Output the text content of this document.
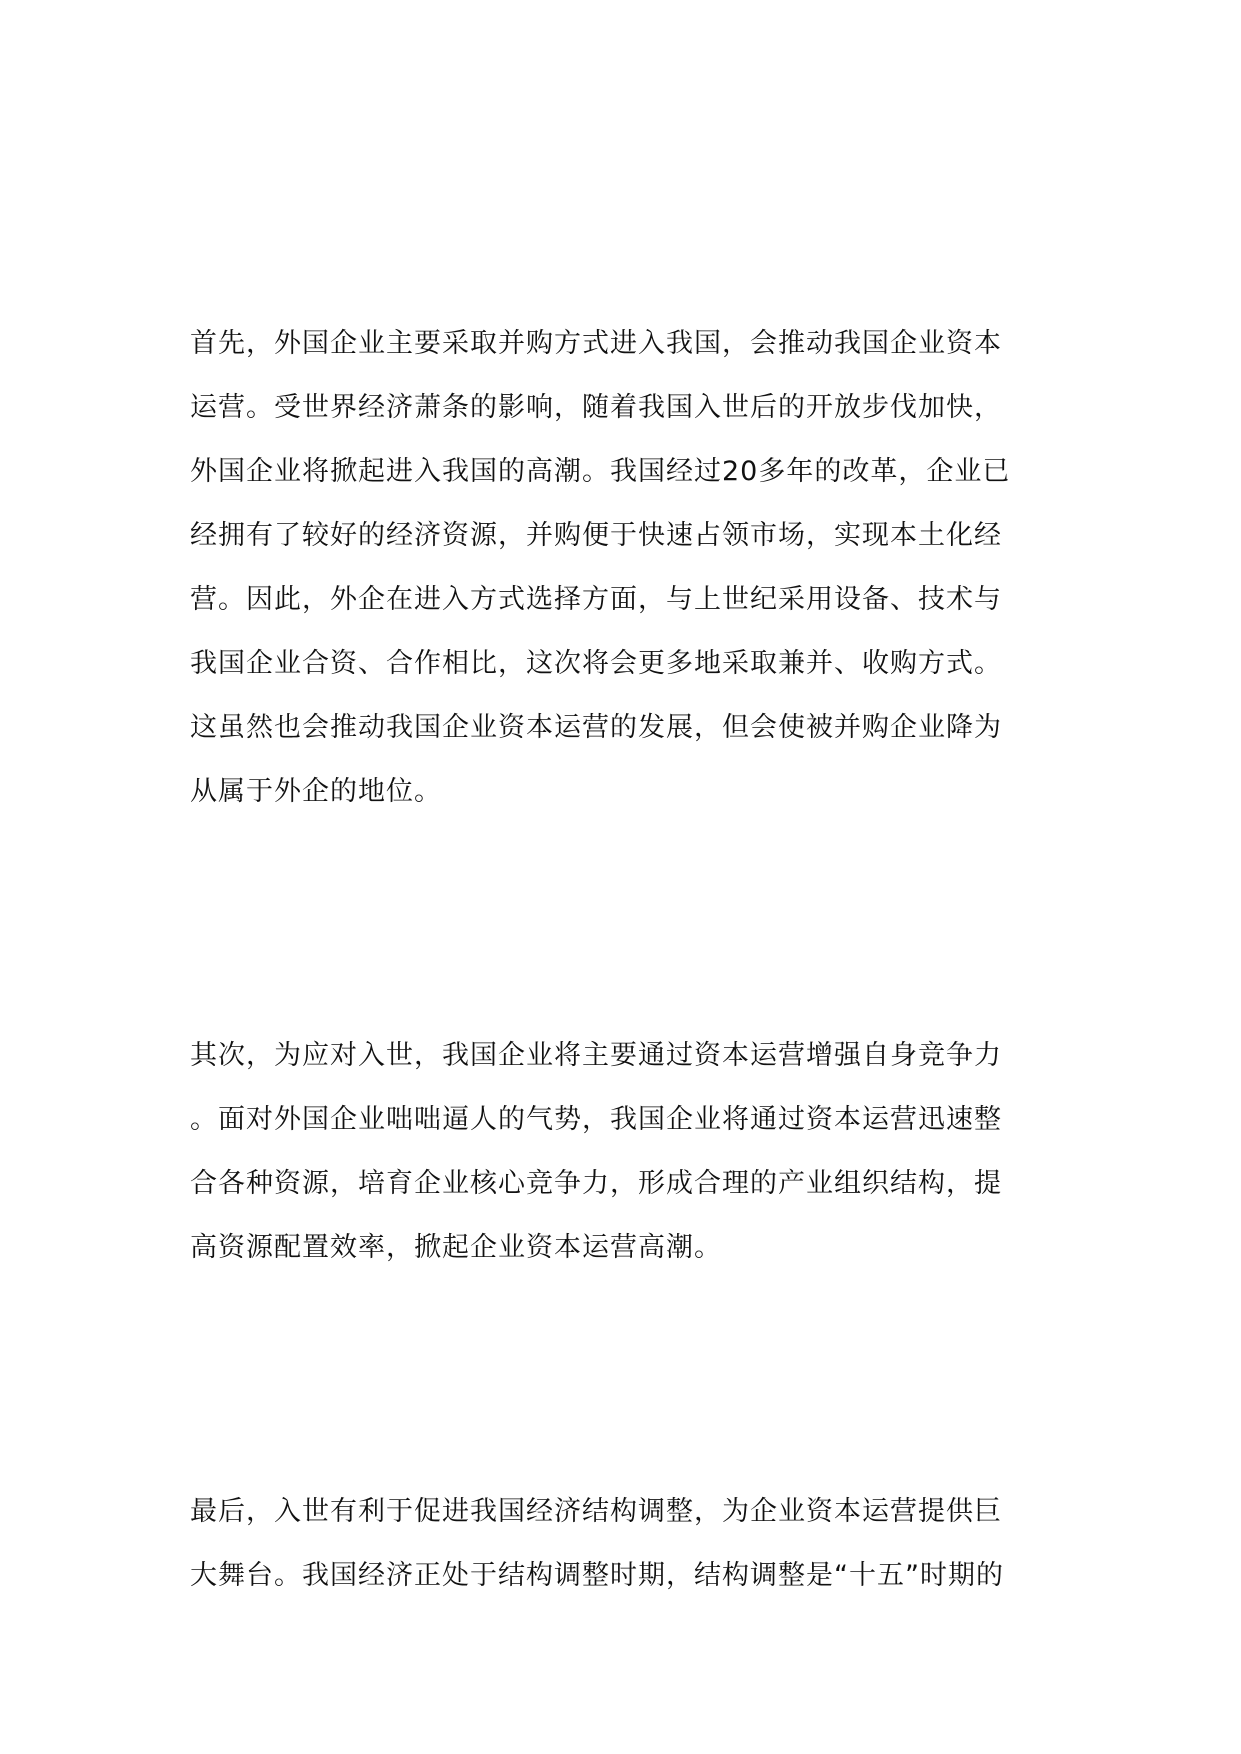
首先，外国企业主要采取并购方式进入我国，会推动我国企业资本
运营。受世界经济萧条的影响，随着我国入世后的开放步伐加快，
外国企业将掀起进入我国的高潮。我国经过20多年的改革，企业已
经拥有了较好的经济资源，并购便于快速占领市场，实现本土化经
营。因此，外企在进入方式选择方面，与上世纪采用设备、技术与
我国企业合资、合作相比，这次将会更多地采取兼并、收购方式。
这虽然也会推动我国企业资本运营的发展，但会使被并购企业降为
从属于外企的地位。
其次，为应对入世，我国企业将主要通过资本运营增强自身竞争力
。面对外国企业咄咄逼人的气势，我国企业将通过资本运营迅速整
合各种资源，培育企业核心竞争力，形成合理的产业组织结构，提
高资源配置效率，掀起企业资本运营高潮。
最后，入世有利于促进我国经济结构调整，为企业资本运营提供巨
大舞台。我国经济正处于结构调整时期，结构调整是“十五”时期的
